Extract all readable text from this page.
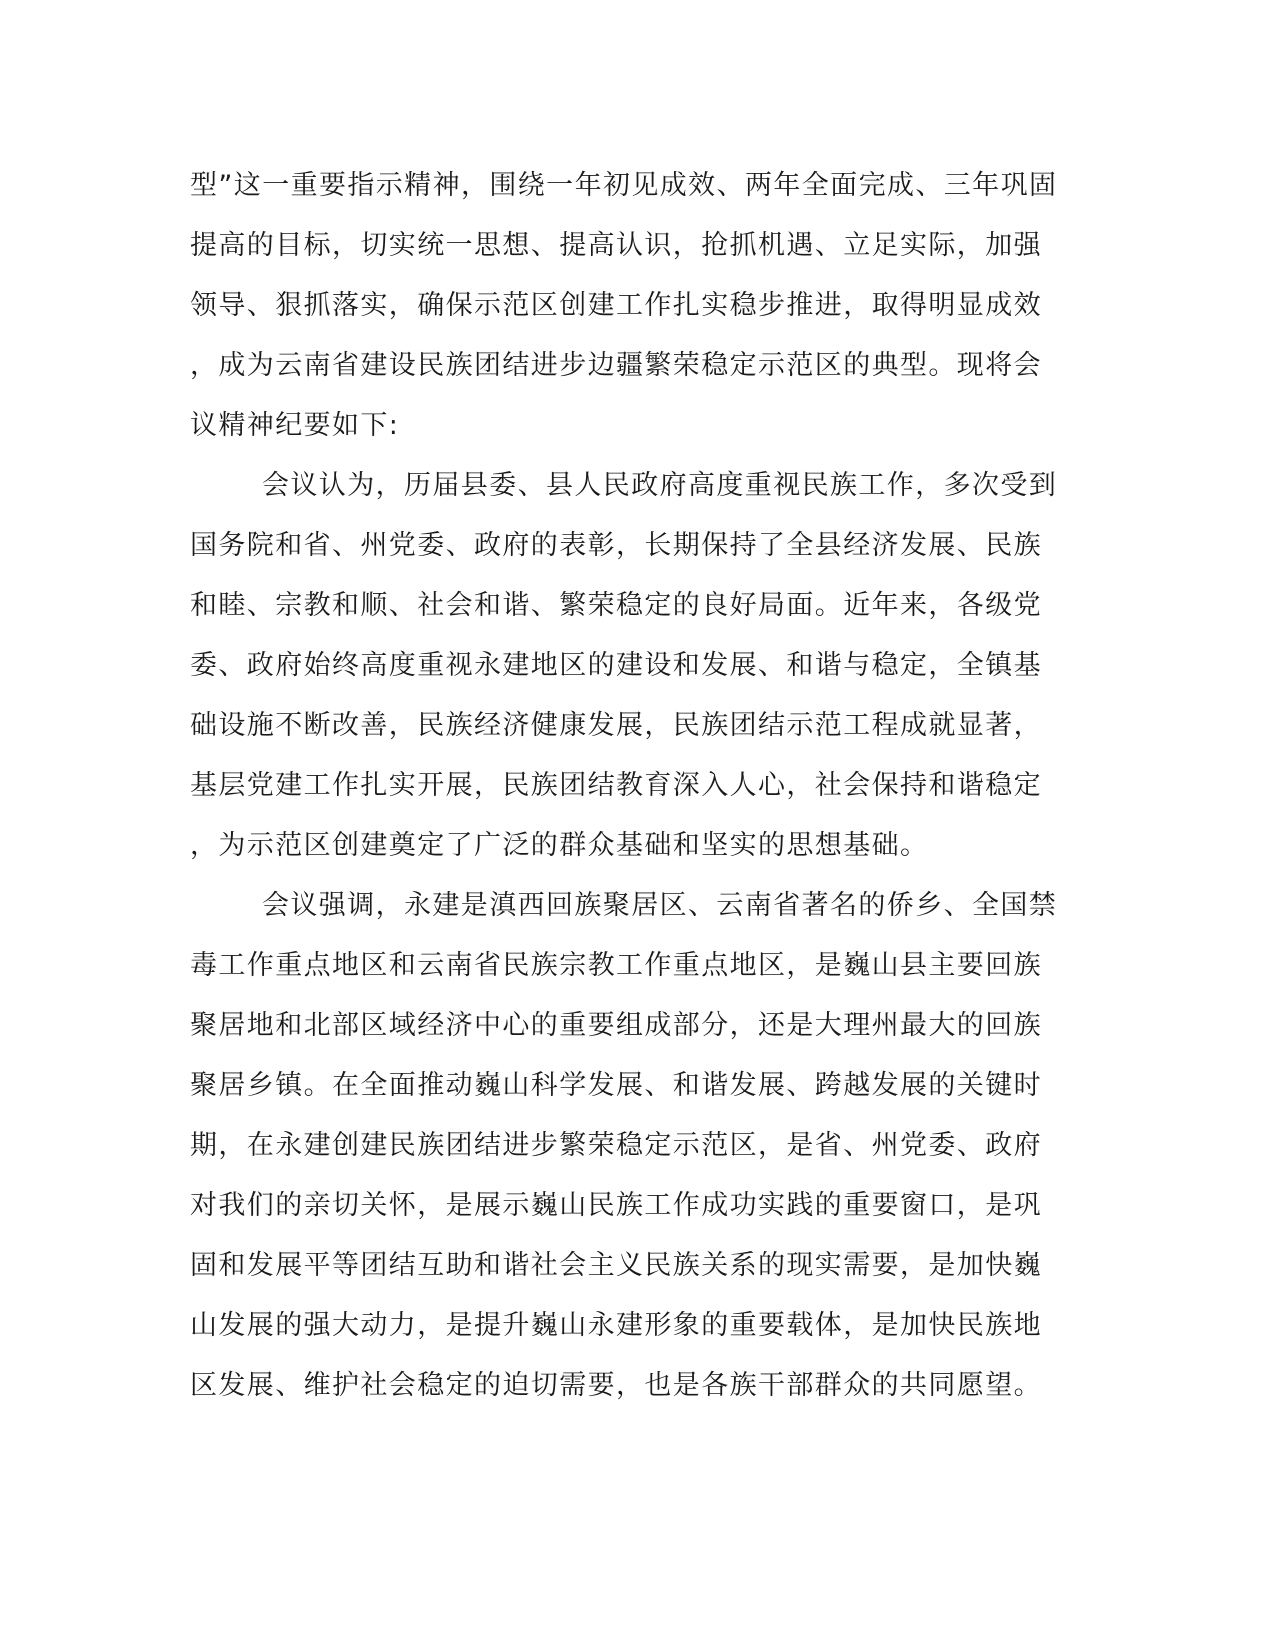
型”这一重要指示精神，围绕一年初见成效、两年全面完成、三年巩固
提高的目标，切实统一思想、提高认识，抢抓机遇、立足实际，加强
领导、狠抓落实，确保示范区创建工作扎实稳步推进，取得明显成效
，成为云南省建设民族团结进步边疆繁荣稳定示范区的典型。现将会
议精神纪要如下:
会议认为，历届县委、县人民政府高度重视民族工作，多次受到
国务院和省、州党委、政府的表彰，长期保持了全县经济发展、民族
和睦、宗教和顺、社会和谐、繁荣稳定的良好局面。近年来，各级党
委、政府始终高度重视永建地区的建设和发展、和谐与稳定，全镇基
础设施不断改善，民族经济健康发展，民族团结示范工程成就显著，
基层党建工作扎实开展，民族团结教育深入人心，社会保持和谐稳定
，为示范区创建奠定了广泛的群众基础和坚实的思想基础。
会议强调，永建是滇西回族聚居区、云南省著名的侨乡、全国禁
毒工作重点地区和云南省民族宗教工作重点地区，是巍山县主要回族
聚居地和北部区域经济中心的重要组成部分，还是大理州最大的回族
聚居乡镇。在全面推动巍山科学发展、和谐发展、跨越发展的关键时
期，在永建创建民族团结进步繁荣稳定示范区，是省、州党委、政府
对我们的亲切关怀，是展示巍山民族工作成功实践的重要窗口，是巩
固和发展平等团结互助和谐社会主义民族关系的现实需要，是加快巍
山发展的强大动力，是提升巍山永建形象的重要载体，是加快民族地
区发展、维护社会稳定的迫切需要，也是各族干部群众的共同愿望。
